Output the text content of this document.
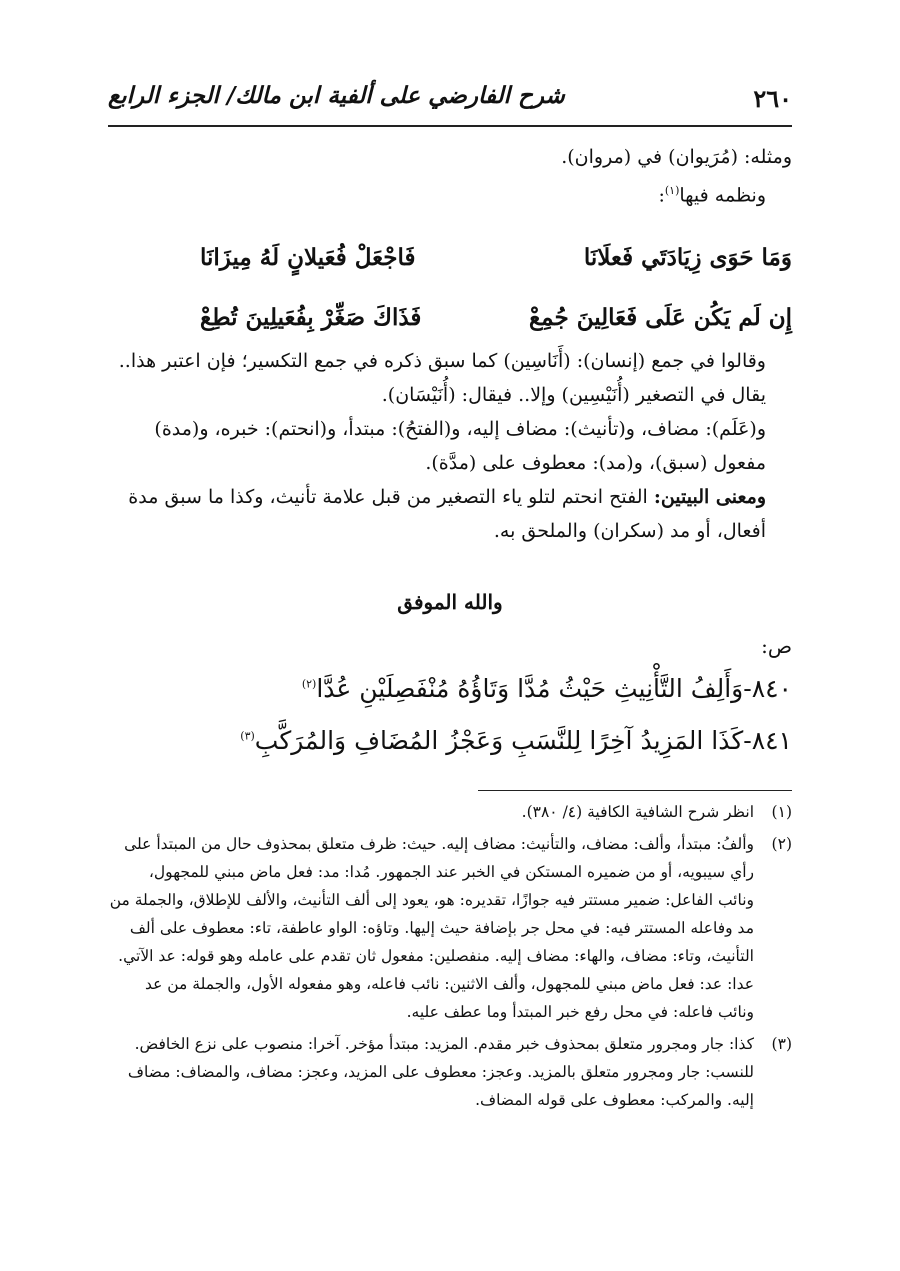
٢٦٠
شرح الفارضي على ألفية ابن مالك/ الجزء الرابع

ومثله: (مُرَيوان) في (مروان).

ونظمه فيها$^{(١)}$:

وَمَا حَوَى زِيَادَتَي فَعلَانَا
فَاجْعَلْ فُعَيلانٍ لَهُ مِيزَانَا
إِن لَم يَكُن عَلَى فَعَالِينَ جُمِعْ
فَذَاكَ صَغِّرْ بِفُعَيلِينَ تُطِعْ

وقالوا في جمع (إنسان): (أَنَاسِين) كما سبق ذكره في جمع التكسير؛ فإن اعتبر هذا.. يقال في التصغير (أُنَيْسِين) وإلا.. فيقال: (أُنَيْسَان).

و(عَلَم): مضاف، و(تأنيث): مضاف إليه، و(الفتحُ): مبتدأ، و(انحتم): خبره، و(مدة) مفعول (سبق)، و(مد): معطوف على (مدَّة).

ومعنى البيتين: الفتح انحتم لتلو ياء التصغير من قبل علامة تأنيث، وكذا ما سبق مدة أفعال، أو مد (سكران) والملحق به.

والله الموفق
ص:
٨٤٠-وَأَلِفُ التَّأْنِيثِ حَيْثُ مُدَّا وَتَاؤُهُ مُنْفَصِلَيْنِ عُدَّا$^{(٢)}$
٨٤١-كَذَا المَزِيدُ آخِرًا لِلنَّسَبِ وَعَجْزُ المُضَافِ وَالمُرَكَّبِ$^{(٣)}$

(١)
انظر شرح الشافية الكافية (٤/ ٣٨٠).

(٢)
وألفُ: مبتدأ، وألف: مضاف، والتأنيث: مضاف إليه. حيث: ظرف متعلق بمحذوف حال من المبتدأ على رأي سيبويه، أو من ضميره المستكن في الخبر عند الجمهور. مُدا: مد: فعل ماض مبني للمجهول، ونائب الفاعل: ضمير مستتر فيه جوازًا، تقديره: هو، يعود إلى ألف التأنيث، والألف للإطلاق، والجملة من مد وفاعله المستتر فيه: في محل جر بإضافة حيث إليها. وتاؤه: الواو عاطفة، تاء: معطوف على ألف التأنيث، وتاء: مضاف، والهاء: مضاف إليه. منفصلين: مفعول ثان تقدم على عامله وهو قوله: عد الآتي. عدا: عد: فعل ماض مبني للمجهول، وألف الاثنين: نائب فاعله، وهو مفعوله الأول، والجملة من عد ونائب فاعله: في محل رفع خبر المبتدأ وما عطف عليه.

(٣)
كذا: جار ومجرور متعلق بمحذوف خبر مقدم. المزيد: مبتدأ مؤخر. آخرا: منصوب على نزع الخافض. للنسب: جار ومجرور متعلق بالمزيد. وعجز: معطوف على المزيد، وعجز: مضاف، والمضاف: مضاف إليه. والمركب: معطوف على قوله المضاف.
